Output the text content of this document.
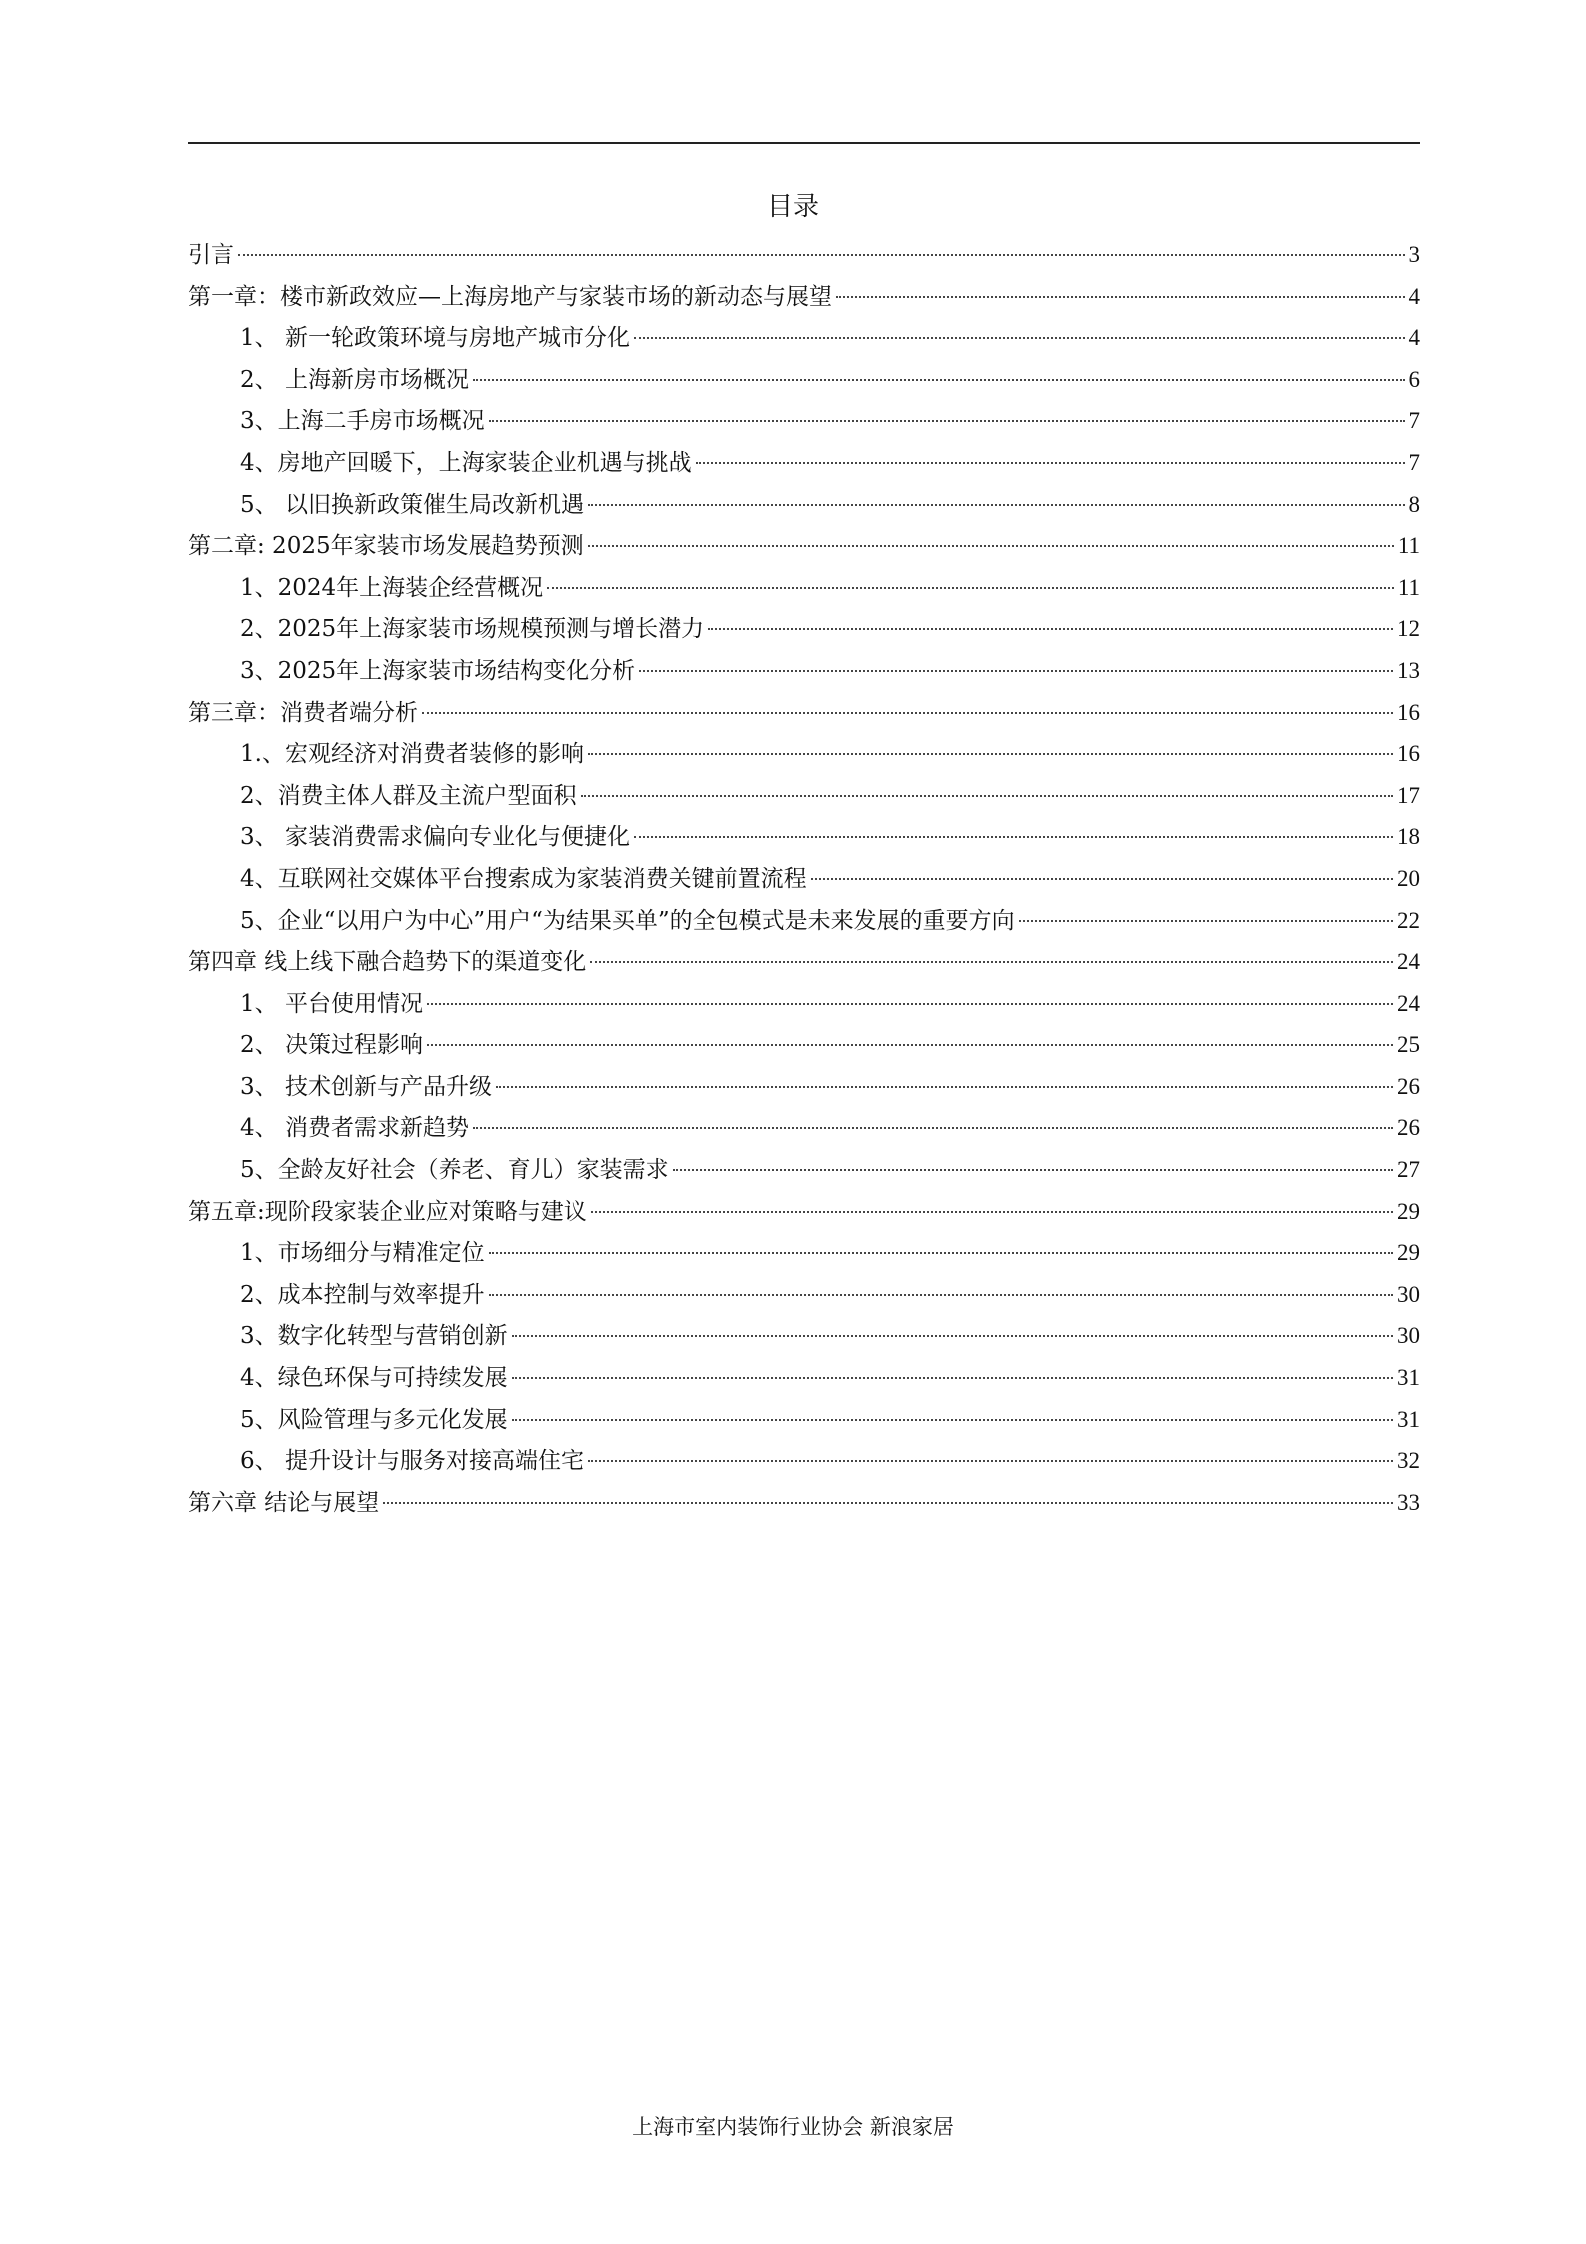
目录
引言	3
第一章：楼市新政效应—上海房地产与家装市场的新动态与展望	4
1、 新一轮政策环境与房地产城市分化	4
2、 上海新房市场概况	6
3、上海二手房市场概况	7
4、房地产回暖下，上海家装企业机遇与挑战	7
5、 以旧换新政策催生局改新机遇	8
第二章: 2025年家装市场发展趋势预测	11
1、2024年上海装企经营概况	11
2、2025年上海家装市场规模预测与增长潜力	12
3、2025年上海家装市场结构变化分析	13
第三章：消费者端分析	16
1.、宏观经济对消费者装修的影响	16
2、消费主体人群及主流户型面积	17
3、 家装消费需求偏向专业化与便捷化	18
4、互联网社交媒体平台搜索成为家装消费关键前置流程	20
5、企业“以用户为中心”用户“为结果买单”的全包模式是未来发展的重要方向	22
第四章 线上线下融合趋势下的渠道变化	24
1、 平台使用情况	24
2、 决策过程影响	25
3、 技术创新与产品升级	26
4、 消费者需求新趋势	26
5、全龄友好社会（养老、育儿）家装需求	27
第五章:现阶段家装企业应对策略与建议	29
1、市场细分与精准定位	29
2、成本控制与效率提升	30
3、数字化转型与营销创新	30
4、绿色环保与可持续发展	31
5、风险管理与多元化发展	31
6、 提升设计与服务对接高端住宅	32
第六章 结论与展望	33
上海市室内装饰行业协会 新浪家居
